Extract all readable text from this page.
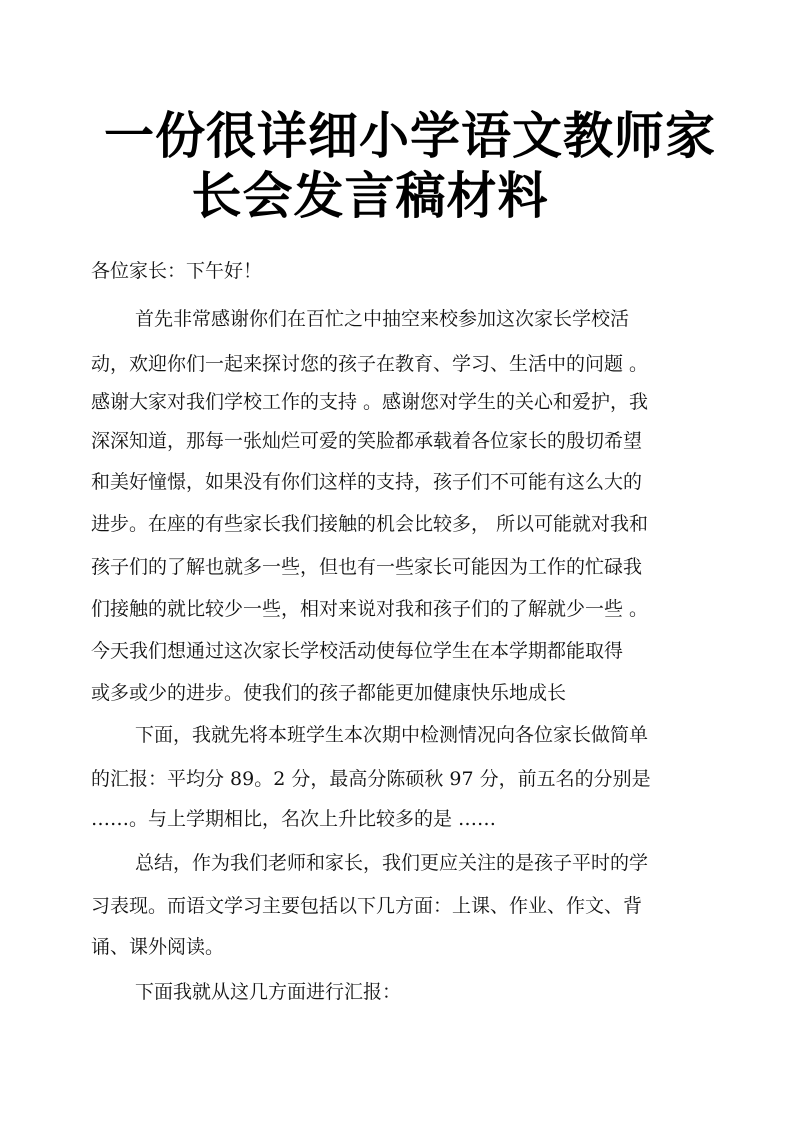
一份很详细小学语文教师家
长会发言稿材料

各位家长：下午好！

首先非常感谢你们在百忙之中抽空来校参加这次家长学校活

动，欢迎你们一起来探讨您的孩子在教育、学习、生活中的问题 。

感谢大家对我们学校工作的支持 。感谢您对学生的关心和爱护，我

深深知道，那每一张灿烂可爱的笑脸都承载着各位家长的殷切希望

和美好憧憬，如果没有你们这样的支持，孩子们不可能有这么大的

进步。在座的有些家长我们接触的机会比较多， 所以可能就对我和

孩子们的了解也就多一些，但也有一些家长可能因为工作的忙碌我

们接触的就比较少一些，相对来说对我和孩子们的了解就少一些 。

今天我们想通过这次家长学校活动使每位学生在本学期都能取得

或多或少的进步。使我们的孩子都能更加健康快乐地成长

下面，我就先将本班学生本次期中检测情况向各位家长做简单

的汇报：平均分 89。2 分，最高分陈硕秋 97 分，前五名的分别是

……。与上学期相比，名次上升比较多的是 ……

总结，作为我们老师和家长，我们更应关注的是孩子平时的学

习表现。而语文学习主要包括以下几方面：上课、作业、作文、背

诵、课外阅读。

下面我就从这几方面进行汇报：
